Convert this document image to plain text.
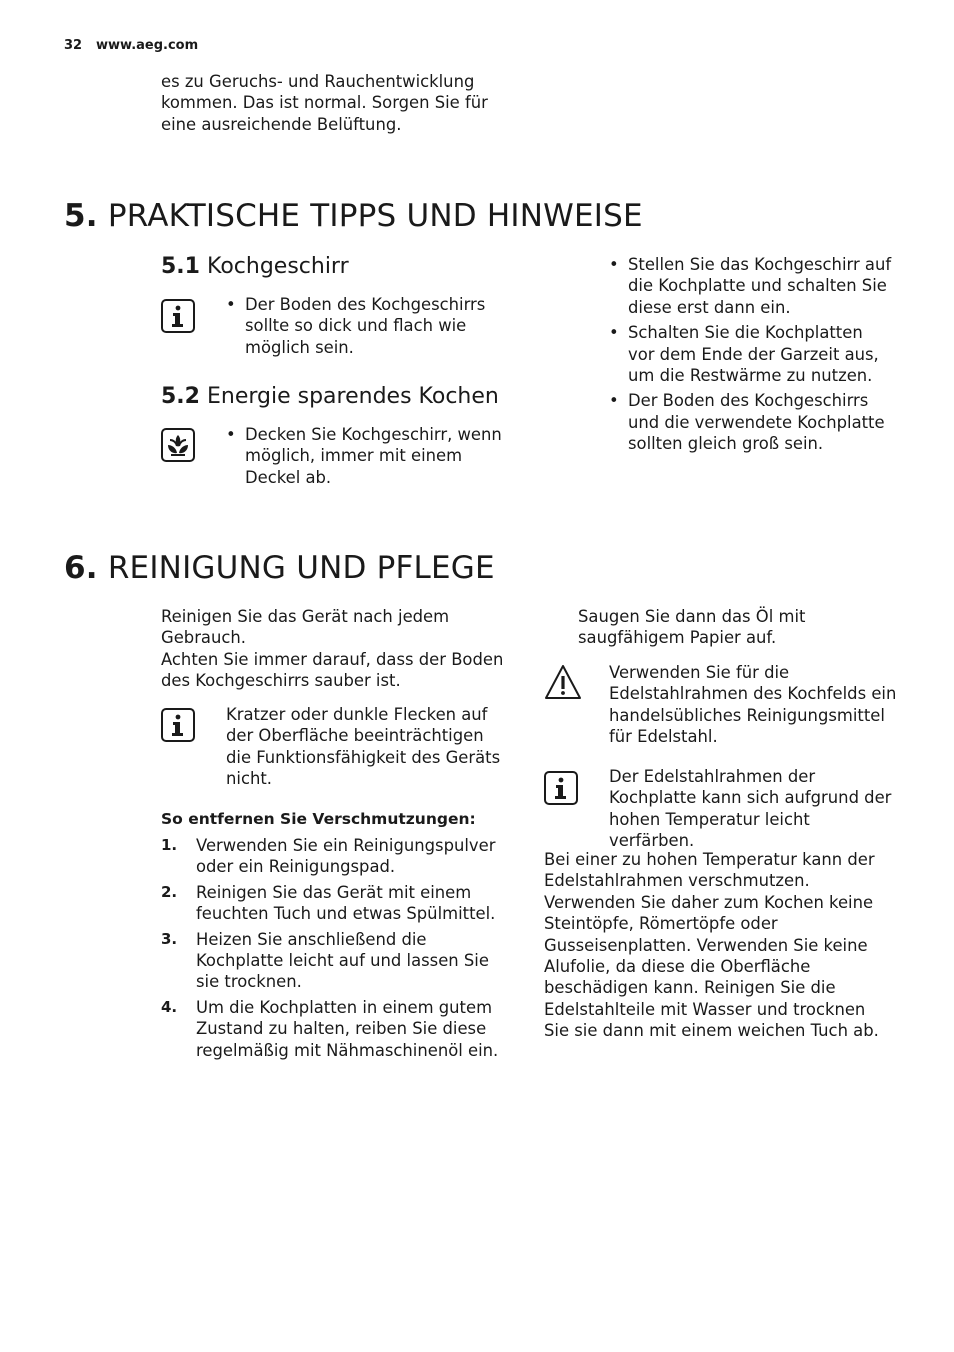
32 www.aeg.com

es zu Geruchs- und Rauchentwicklung kommen. Das ist normal. Sorgen Sie für eine ausreichende Belüftung.

5. PRAKTISCHE TIPPS UND HINWEISE
5.1 Kochgeschirr
• Der Boden des Kochgeschirrs sollte so dick und flach wie möglich sein.
5.2 Energie sparendes Kochen
• Decken Sie Kochgeschirr, wenn möglich, immer mit einem Deckel ab.
• Stellen Sie das Kochgeschirr auf die Kochplatte und schalten Sie diese erst dann ein.
• Schalten Sie die Kochplatten vor dem Ende der Garzeit aus, um die Restwärme zu nutzen.
• Der Boden des Kochgeschirrs und die verwendete Kochplatte sollten gleich groß sein.
6. REINIGUNG UND PFLEGE

Reinigen Sie das Gerät nach jedem Gebrauch.

Achten Sie immer darauf, dass der Boden des Kochgeschirrs sauber ist.

Kratzer oder dunkle Flecken auf der Oberfläche beeinträchtigen die Funktionsfähigkeit des Geräts nicht.

So entfernen Sie Verschmutzungen:
1. Verwenden Sie ein Reinigungspulver oder ein Reinigungspad.
2. Reinigen Sie das Gerät mit einem feuchten Tuch und etwas Spülmittel.
3. Heizen Sie anschließend die Kochplatte leicht auf und lassen Sie sie trocknen.
4. Um die Kochplatten in einem gutem Zustand zu halten, reiben Sie diese regelmäßig mit Nähmaschinenöl ein.

Saugen Sie dann das Öl mit saugfähigem Papier auf.

Verwenden Sie für die Edelstahlrahmen des Kochfelds ein handelsübliches Reinigungsmittel für Edelstahl.

Der Edelstahlrahmen der Kochplatte kann sich aufgrund der hohen Temperatur leicht verfärben.

Bei einer zu hohen Temperatur kann der Edelstahlrahmen verschmutzen. Verwenden Sie daher zum Kochen keine Steintöpfe, Römertöpfe oder Gusseisenplatten. Verwenden Sie keine Alufolie, da diese die Oberfläche beschädigen kann. Reinigen Sie die Edelstahlteile mit Wasser und trocknen Sie sie dann mit einem weichen Tuch ab.
